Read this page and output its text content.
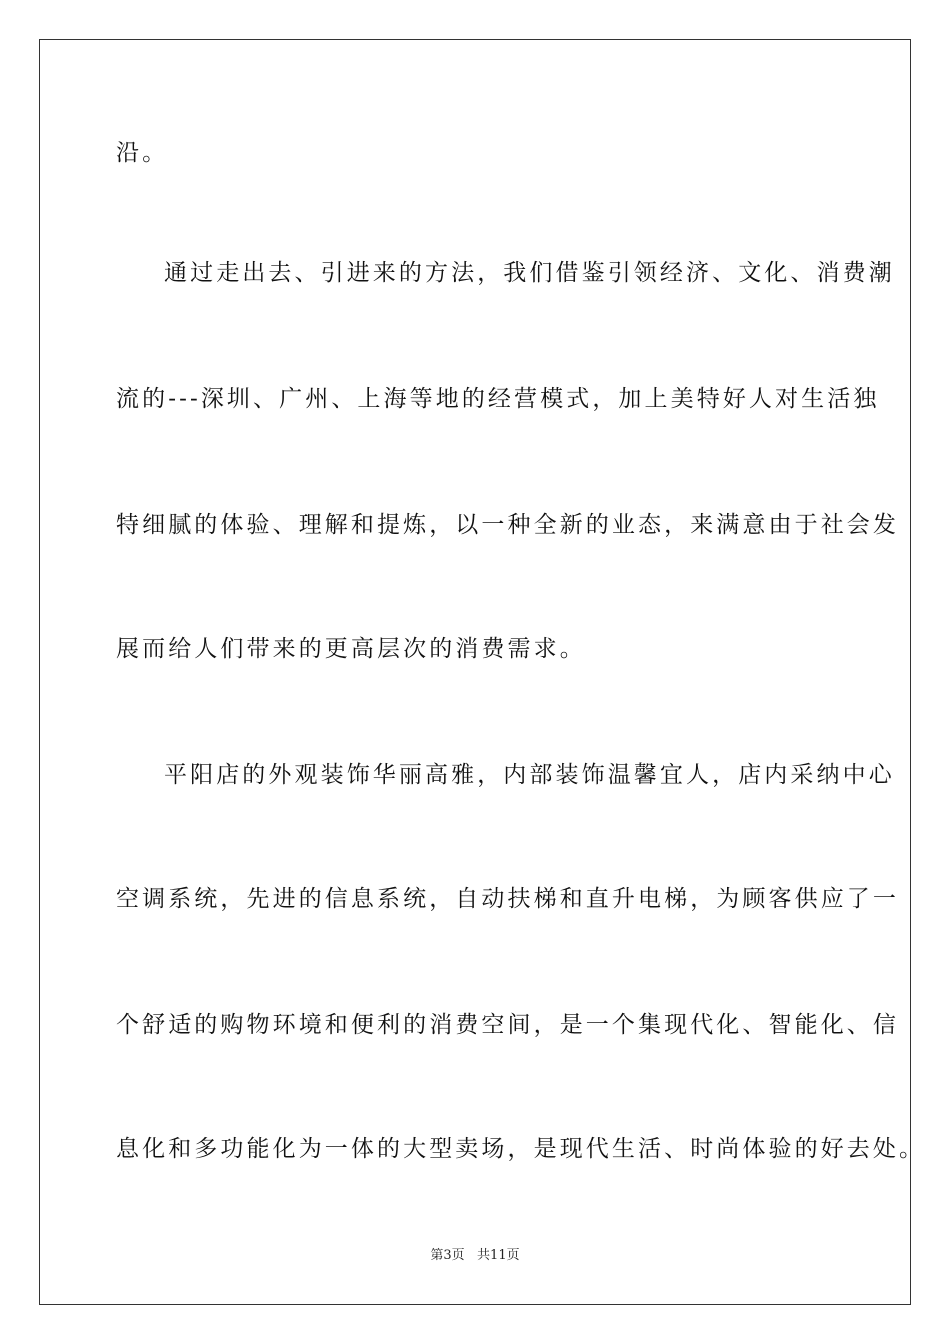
沿。
通过走出去、引进来的方法，我们借鉴引领经济、文化、消费潮
流的---深圳、广州、上海等地的经营模式，加上美特好人对生活独
特细腻的体验、理解和提炼，以一种全新的业态，来满意由于社会发
展而给人们带来的更高层次的消费需求。
平阳店的外观装饰华丽高雅，内部装饰温馨宜人，店内采纳中心
空调系统，先进的信息系统，自动扶梯和直升电梯，为顾客供应了一
个舒适的购物环境和便利的消费空间，是一个集现代化、智能化、信
息化和多功能化为一体的大型卖场，是现代生活、时尚体验的好去处。
第3页   共11页
